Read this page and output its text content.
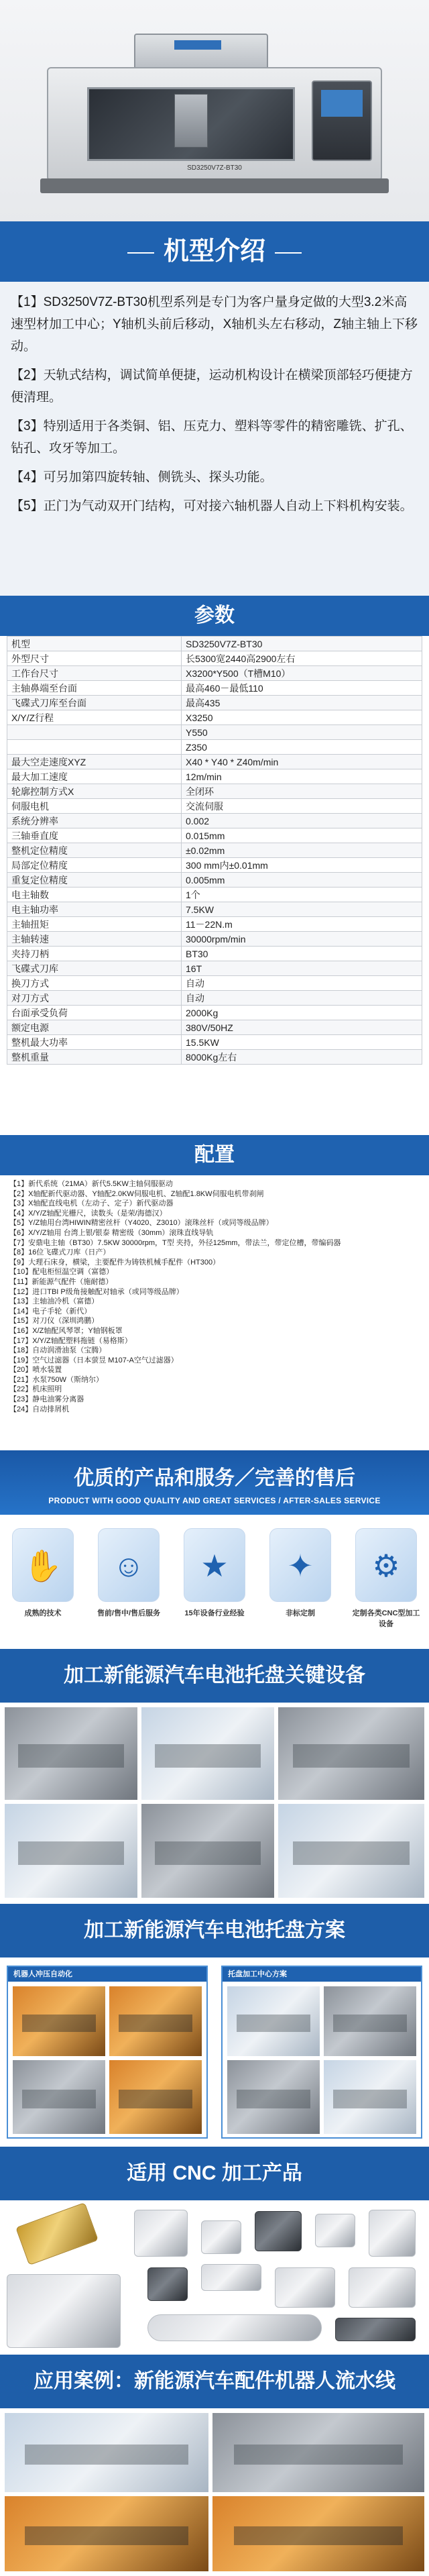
SD3250V7Z-BT30
机型介绍
【1】SD3250V7Z-BT30机型系列是专门为客户量身定做的大型3.2米高速型材加工中心；Y轴机头前后移动，X轴机头左右移动，Z轴主轴上下移动。
【2】天轨式结构，调试简单便捷，运动机构设计在横梁顶部轻巧便捷方便清理。
【3】特别适用于各类铜、铝、压克力、塑料等零件的精密雕铣、扩孔、钻孔、攻牙等加工。
【4】可另加第四旋转轴、侧铣头、探头功能。
【5】正门为气动双开门结构，可对接六轴机器人自动上下料机构安装。
参数
机型	SD3250V7Z-BT30
外型尺寸	长5300宽2440高2900左右
工作台尺寸	X3200*Y500（T槽M10）
主轴鼻端至台面	最高460－最低110
飞碟式刀库至台面	最高435
X/Y/Z行程	X3250
	Y550
	Z350
最大空走速度XYZ	X40 * Y40 * Z40m/min
最大加工速度	12m/min
轮廓控制方式X	全闭环
伺服电机	交流伺服
系统分辨率	0.002
三轴垂直度	0.015mm
整机定位精度	±0.02mm
局部定位精度	300 mm内±0.01mm
重复定位精度	0.005mm
电主轴数	1个
电主轴功率	7.5KW
主轴扭矩	11－22N.m
主轴转速	30000rpm/min
夹持刀柄	BT30
飞碟式刀库	16T
换刀方式	自动
对刀方式	自动
台面承受负荷	2000Kg
额定电源	380V/50HZ
整机最大功率	15.5KW
整机重量	8000Kg左右
配置
【1】新代系统（21MA）新代5.5KW主轴伺服驱动
【2】X轴配新代驱动器、Y轴配2.0KW伺服电机、Z轴配1.8KW伺服电机带刹闸
【3】X轴配直线电机（左动子、定子）新代驱动器
【4】X/Y/Z轴配光栅尺，读数头（是荣/海德汉）
【5】Y/Z轴用台湾HIWIN精密丝杆（Y4020、Z3010）滚珠丝杆（或同等级品牌）
【6】X/Y/Z轴用 台湾上银/银泰 精密级（30mm）滚珠直线导轨
【7】安鼎电主轴（BT30）7.5KW 30000rpm，T型 夹持，外径125mm，带法兰，带定位槽，带编码器
【8】16位飞碟式刀库（日产）
【9】大理石床身，横梁，主要配件为铸铁机械手配件（HT300）
【10】配电柜恒温空调（富德）
【11】新能源气配件（施耐德）
【12】进口TBI P级角接触配对轴承（或同等级品牌）
【13】主轴油冷机（富德）
【14】电子手轮（新代）
【15】对刀仪（深圳鸿鹏）
【16】X/Z轴配风琴罩；Y轴钢板罩
【17】X/Y/Z轴配塑料拖链（易格斯）
【18】自动润滑油泵（宝腾）
【19】空气过滤器（日本萤昱 M107-A空气过滤器）
【20】喷水装置
【21】水泵750W（斯纳尔）
【22】机床照明
【23】静电油雾分离器
【24】自动排屑机
优质的产品和服务／完善的售后
PRODUCT WITH GOOD QUALITY AND GREAT SERVICES / AFTER-SALES SERVICE
✋
成熟的技术
☺
售前/售中/售后服务
★
15年设备行业经验
✦
非标定制
⚙
定制各类CNC型加工设备
加工新能源汽车电池托盘关键设备
加工新能源汽车电池托盘方案
机器人冲压自动化	托盘加工中心方案
适用 CNC 加工产品
应用案例：新能源汽车配件机器人流水线
